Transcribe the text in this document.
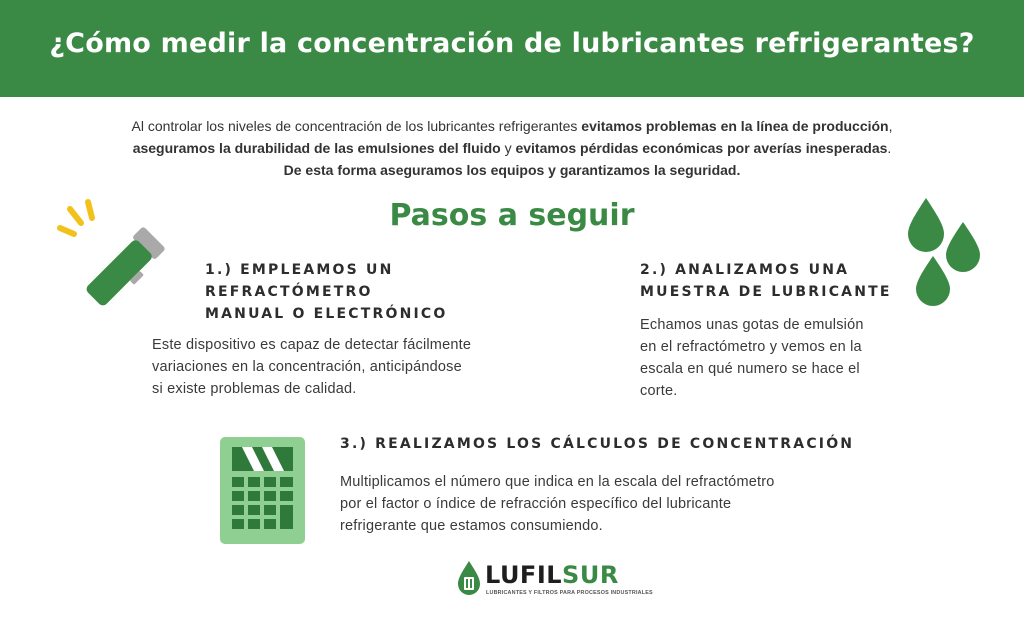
¿Cómo medir la concentración de lubricantes refrigerantes?
Al controlar los niveles de concentración de los lubricantes refrigerantes evitamos problemas en la línea de producción,
aseguramos la durabilidad de las emulsiones del fluido y evitamos pérdidas económicas por averías inesperadas.
De esta forma aseguramos los equipos y garantizamos la seguridad.
Pasos a seguir
1.) EMPLEAMOS UN
REFRACTÓMETRO
MANUAL O ELECTRÓNICO
Este dispositivo es capaz de detectar fácilmente
variaciones en la concentración, anticipándose
si existe problemas de calidad.
2.) ANALIZAMOS UNA
MUESTRA DE LUBRICANTE
Echamos unas gotas de emulsión
en el refractómetro y vemos en la
escala en qué numero se hace el
corte.
3.) REALIZAMOS LOS CÁLCULOS DE CONCENTRACIÓN
Multiplicamos el número que indica en la escala del refractómetro
por el factor o índice de refracción específico del lubricante
refrigerante que estamos consumiendo.
LUFILSUR
LUBRICANTES Y FILTROS PARA PROCESOS INDUSTRIALES
